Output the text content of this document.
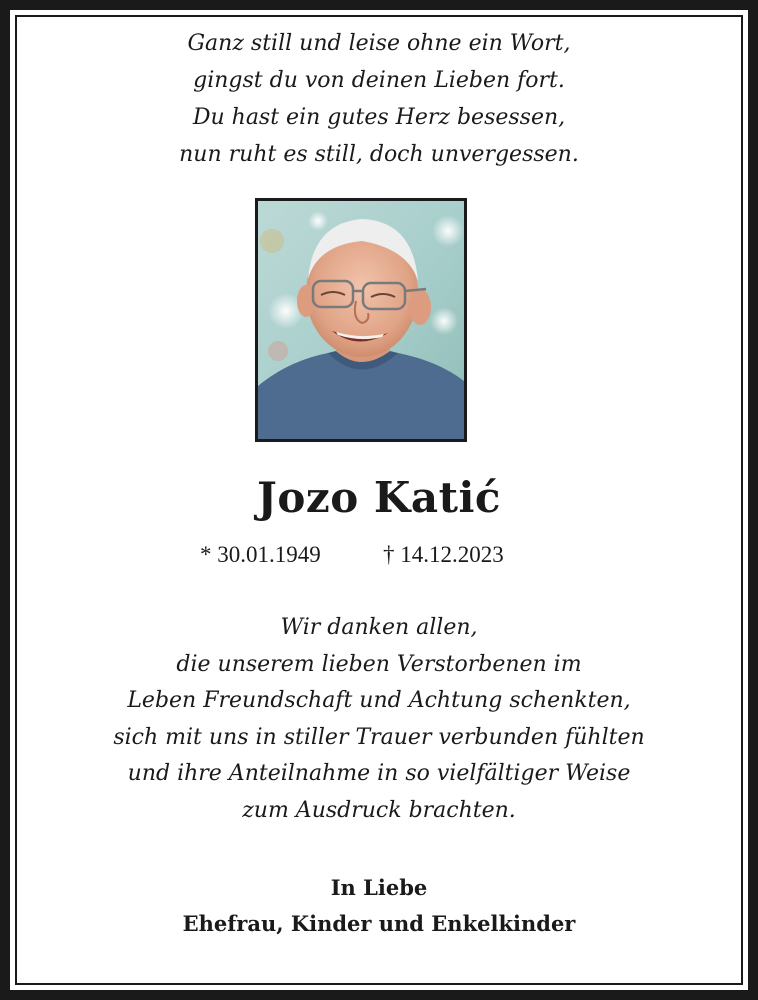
Ganz still und leise ohne ein Wort,
gingst du von deinen Lieben fort.
Du hast ein gutes Herz besessen,
nun ruht es still, doch unvergessen.
Jozo Katić
* 30.01.1949	† 14.12.2023
Wir danken allen,
die unserem lieben Verstorbenen im
Leben Freundschaft und Achtung schenkten,
sich mit uns in stiller Trauer verbunden fühlten
und ihre Anteilnahme in so vielfältiger Weise
zum Ausdruck brachten.
In Liebe
Ehefrau, Kinder und Enkelkinder
